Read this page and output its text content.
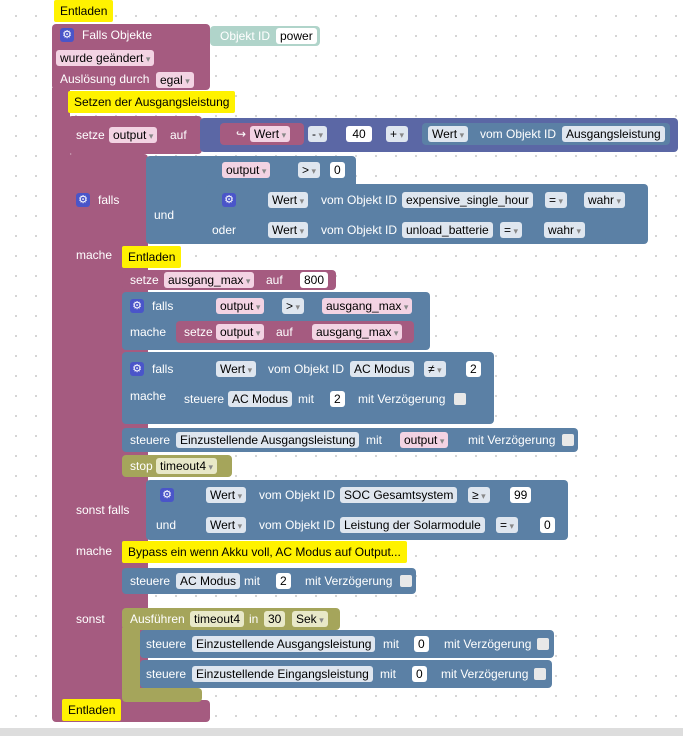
Entladen
⚙ Falls Objekte	Objekt ID power
wurde geändert ▾
Auslösung durch egal ▾
Setzen der Ausgangsleistung
setze output ▾	auf	↪ Wert ▾	- ▾	40	+ ▾	Wert ▾	vom Objekt ID Ausgangsleistung
⚙ falls
mache
sonst falls
mache
sonst
und
output ▾	> ▾	0
⚙
oder
Wert ▾	vom Objekt ID expensive_single_hour	= ▾	wahr ▾
Wert ▾	vom Objekt ID unload_batterie	= ▾	wahr ▾
Entladen
setze ausgang_max ▾	auf	800
⚙ falls	output ▾	> ▾	ausgang_max ▾
mache setze output ▾	auf	ausgang_max ▾
⚙ falls	Wert ▾	vom Objekt ID AC Modus	≠ ▾	2
mache steuere AC Modus mit	2	mit Verzögerung
steuere Einzustellende Ausgangsleistung mit	output ▾	mit Verzögerung
stop timeout4 ▾
⚙
und
Wert ▾	vom Objekt ID SOC Gesamtsystem	≥ ▾	99
Wert ▾	vom Objekt ID Leistung der Solarmodule	= ▾	0
Bypass ein wenn Akku voll, AC Modus auf Output...
steuere AC Modus mit	2	mit Verzögerung
Ausführen timeout4 in 30	Sek ▾
steuere Einzustellende Ausgangsleistung mit	0	mit Verzögerung
steuere Einzustellende Eingangsleistung mit	0	mit Verzögerung
Entladen
